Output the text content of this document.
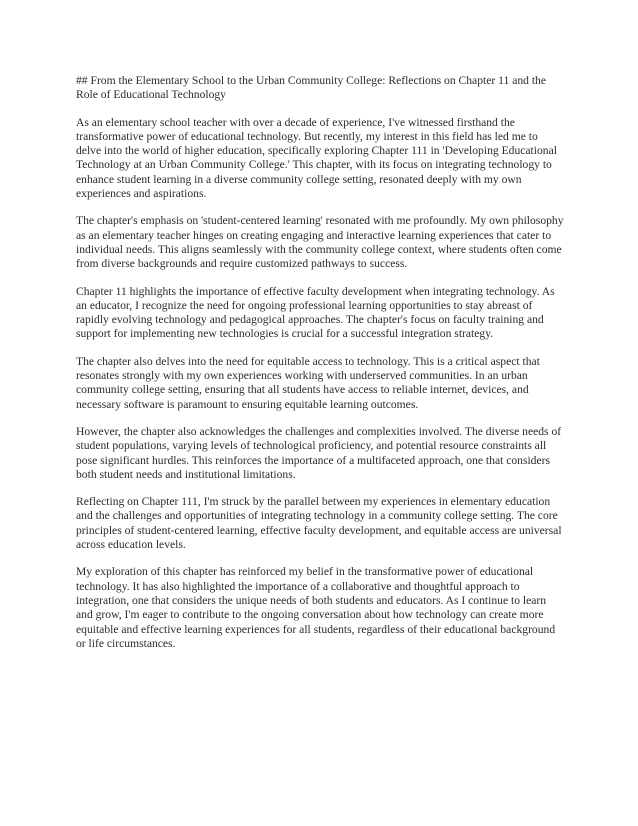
## From the Elementary School to the Urban Community College: Reflections on Chapter 11 and the Role of Educational Technology

As an elementary school teacher with over a decade of experience, I've witnessed firsthand the transformative power of educational technology. But recently, my interest in this field has led me to delve into the world of higher education, specifically exploring Chapter 111 in 'Developing Educational Technology at an Urban Community College.' This chapter, with its focus on integrating technology to enhance student learning in a diverse community college setting, resonated deeply with my own experiences and aspirations.

The chapter's emphasis on 'student-centered learning' resonated with me profoundly. My own philosophy as an elementary teacher hinges on creating engaging and interactive learning experiences that cater to individual needs. This aligns seamlessly with the community college context, where students often come from diverse backgrounds and require customized pathways to success.

Chapter 11 highlights the importance of effective faculty development when integrating technology. As an educator, I recognize the need for ongoing professional learning opportunities to stay abreast of rapidly evolving technology and pedagogical approaches. The chapter's focus on faculty training and support for implementing new technologies is crucial for a successful integration strategy.

The chapter also delves into the need for equitable access to technology. This is a critical aspect that resonates strongly with my own experiences working with underserved communities. In an urban community college setting, ensuring that all students have access to reliable internet, devices, and necessary software is paramount to ensuring equitable learning outcomes.

However, the chapter also acknowledges the challenges and complexities involved. The diverse needs of student populations, varying levels of technological proficiency, and potential resource constraints all pose significant hurdles. This reinforces the importance of a multifaceted approach, one that considers both student needs and institutional limitations.

Reflecting on Chapter 111, I'm struck by the parallel between my experiences in elementary education and the challenges and opportunities of integrating technology in a community college setting. The core principles of student-centered learning, effective faculty development, and equitable access are universal across education levels.

My exploration of this chapter has reinforced my belief in the transformative power of educational technology. It has also highlighted the importance of a collaborative and thoughtful approach to integration, one that considers the unique needs of both students and educators. As I continue to learn and grow, I'm eager to contribute to the ongoing conversation about how technology can create more equitable and effective learning experiences for all students, regardless of their educational background or life circumstances.
